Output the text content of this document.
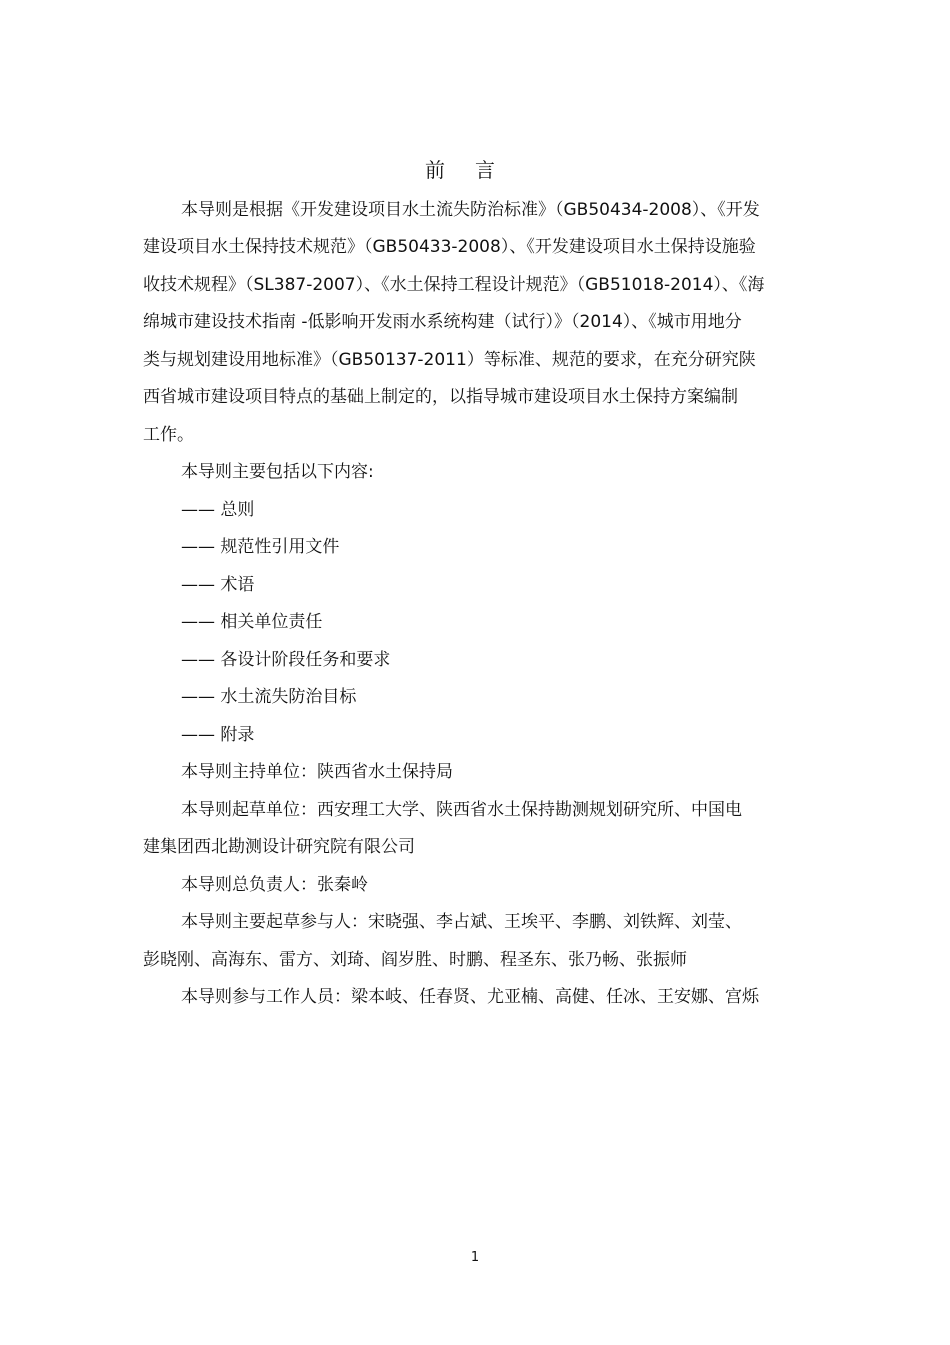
前言
本导则是根据《开发建设项目水土流失防治标准》（GB50434-2008）、《开发
建设项目水土保持技术规范》（GB50433-2008）、《开发建设项目水土保持设施验
收技术规程》（SL387-2007）、《水土保持工程设计规范》（GB51018-2014）、《海
绵城市建设技术指南 -低影响开发雨水系统构建（试行）》（2014）、《城市用地分
类与规划建设用地标准》（GB50137-2011）等标准、规范的要求，在充分研究陕
西省城市建设项目特点的基础上制定的，以指导城市建设项目水土保持方案编制
工作。
本导则主要包括以下内容:
—— 总则
—— 规范性引用文件
—— 术语
—— 相关单位责任
—— 各设计阶段任务和要求
—— 水土流失防治目标
—— 附录
本导则主持单位：陕西省水土保持局
本导则起草单位：西安理工大学、陕西省水土保持勘测规划研究所、中国电
建集团西北勘测设计研究院有限公司
本导则总负责人：张秦岭
本导则主要起草参与人：宋晓强、李占斌、王埃平、李鹏、刘铁辉、刘莹、
彭晓刚、高海东、雷方、刘琦、阎岁胜、时鹏、程圣东、张乃畅、张振师
本导则参与工作人员：梁本岐、任春贤、尤亚楠、高健、任冰、王安娜、宫烁
1
